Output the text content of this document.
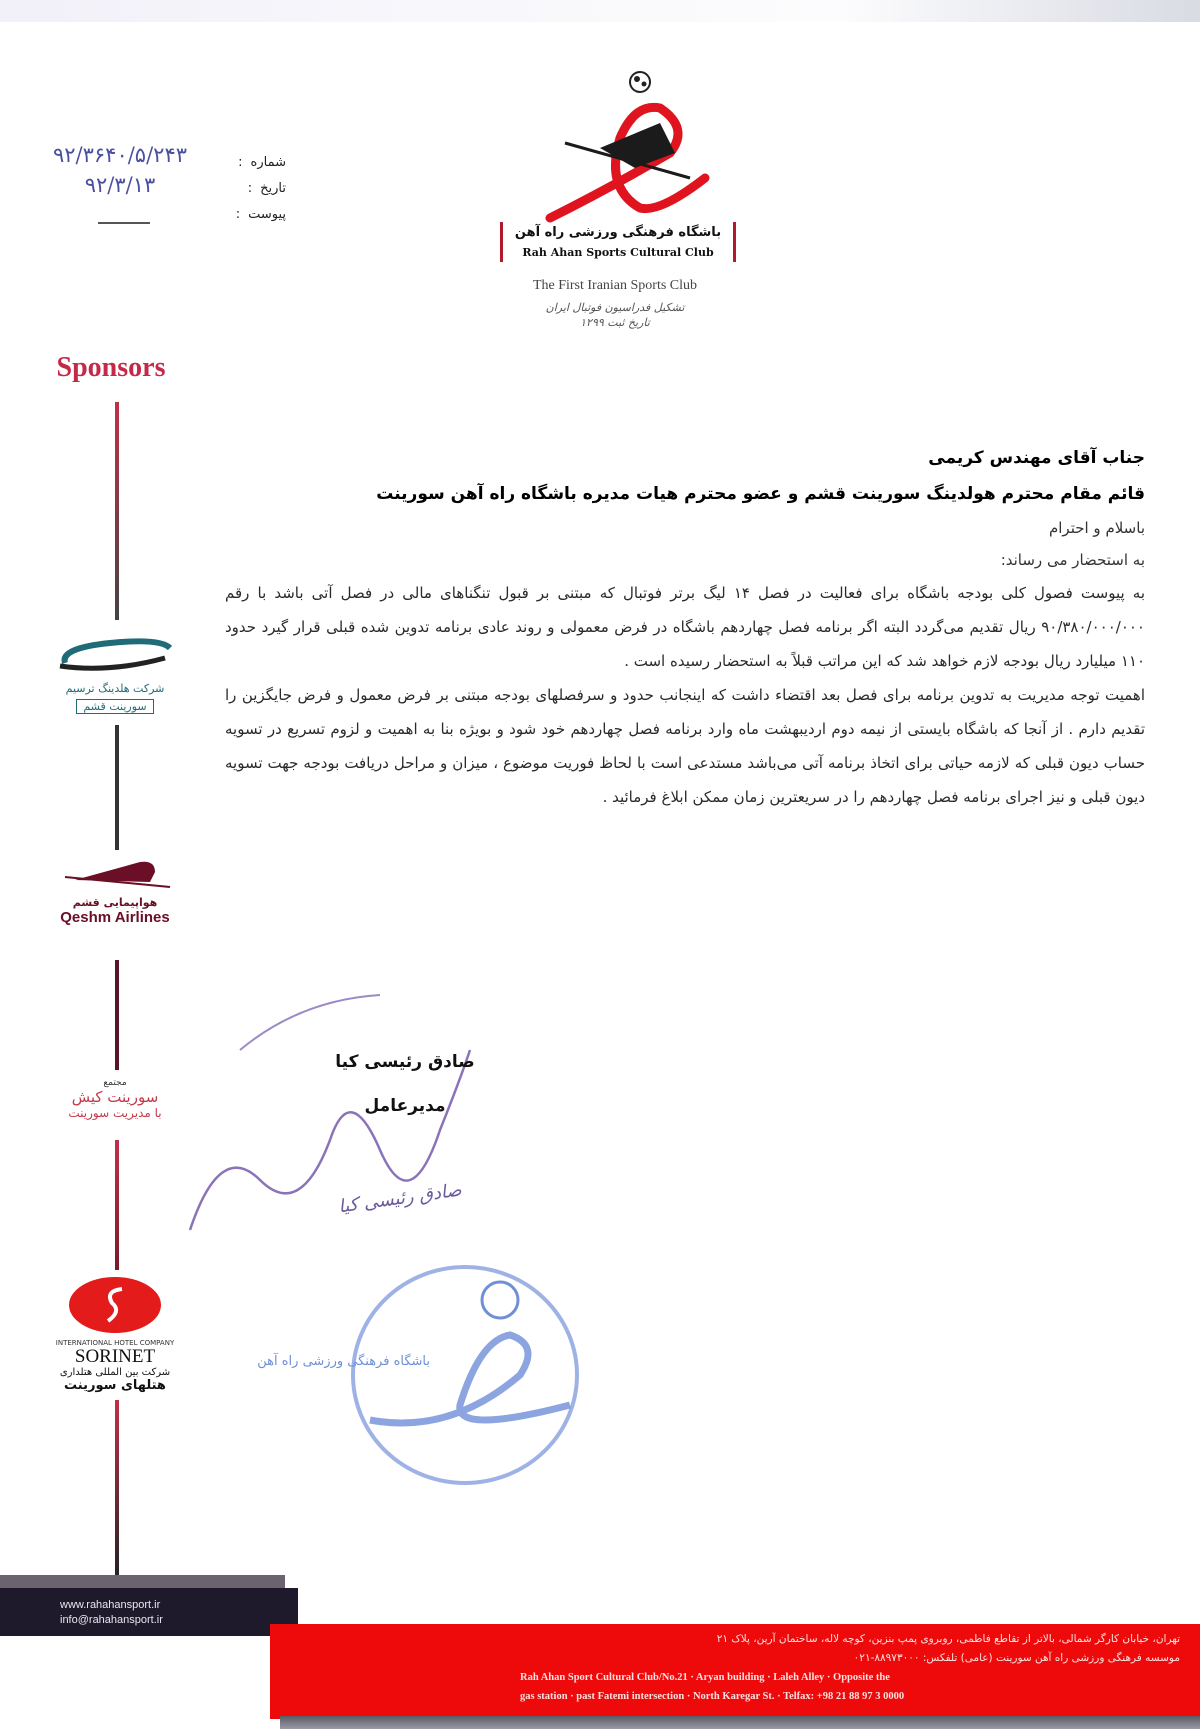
۹۲/۳۶۴۰/۵/۲۴۳
۹۲/۳/۱۳
شماره:
تاریخ:
پیوست:
باشگاه فرهنگی ورزشی راه آهن
Rah Ahan Sports Cultural Club
The First Iranian Sports Club
تشکیل فدراسیون فوتبال ایران
تاریخ ثبت ۱۲۹۹
Sponsors
شرکت هلدینگ ترسیم
سورینت قشم
هواپیمایی قشم
Qeshm Airlines
مجتمع
سورینت کیش
با مدیریت سورینت
INTERNATIONAL HOTEL COMPANY
SORINET
شرکت بین المللی هتلداری
هتلهای سورینت
جناب آقای مهندس کریمی
قائم مقام محترم هولدینگ سورینت قشم و عضو محترم هیات مدیره باشگاه راه آهن سورینت
باسلام و احترام
به استحضار می رساند:

به پیوست فصول کلی بودجه باشگاه برای فعالیت در فصل ۱۴ لیگ برتر فوتبال که مبتنی بر قبول تنگناهای مالی در فصل آتی باشد با رقم ۹۰/۳۸۰/۰۰۰/۰۰۰ ریال تقدیم می‌گردد البته اگر برنامه فصل چهاردهم باشگاه در فرض معمولی و روند عادی برنامه تدوین شده قبلی قرار گیرد حدود ۱۱۰ میلیارد ریال بودجه لازم خواهد شد که این مراتب قبلاً به استحضار رسیده است .

اهمیت توجه مدیریت به تدوین برنامه برای فصل بعد اقتضاء داشت که اینجانب حدود و سرفصلهای بودجه مبتنی بر فرض معمول و فرض جایگزین را تقدیم دارم . از آنجا که باشگاه بایستی از نیمه دوم اردیبهشت ماه وارد برنامه فصل چهاردهم خود شود و بویژه بنا به اهمیت و لزوم تسریع در تسویه حساب دیون قبلی که لازمه حیاتی برای اتخاذ برنامه آتی می‌باشد مستدعی است با لحاظ فوریت موضوع ، میزان و مراحل دریافت بودجه جهت تسویه دیون قبلی و نیز اجرای برنامه فصل چهاردهم را در سریعترین زمان ممکن ابلاغ فرمائید .

صادق رئیسی کیا
مدیرعامل
صادق رئیسی کیا
باشگاه فرهنگی ورزشی راه آهن
www.rahahansport.ir
info@rahahansport.ir
تهران، خیابان کارگر شمالی، بالاتر از تقاطع فاطمی، روبروی پمپ بنزین، کوچه لاله، ساختمان آرین، پلاک ۲۱
موسسه فرهنگی ورزشی راه آهن سورینت (عامی) تلفکس: ۸۸۹۷۳۰۰۰-۰۲۱
Rah Ahan Sport Cultural Club/No.21 · Aryan building · Laleh Alley · Opposite the
gas station · past Fatemi intersection · North Karegar St. · Telfax: +98 21 88 97 3 0000
